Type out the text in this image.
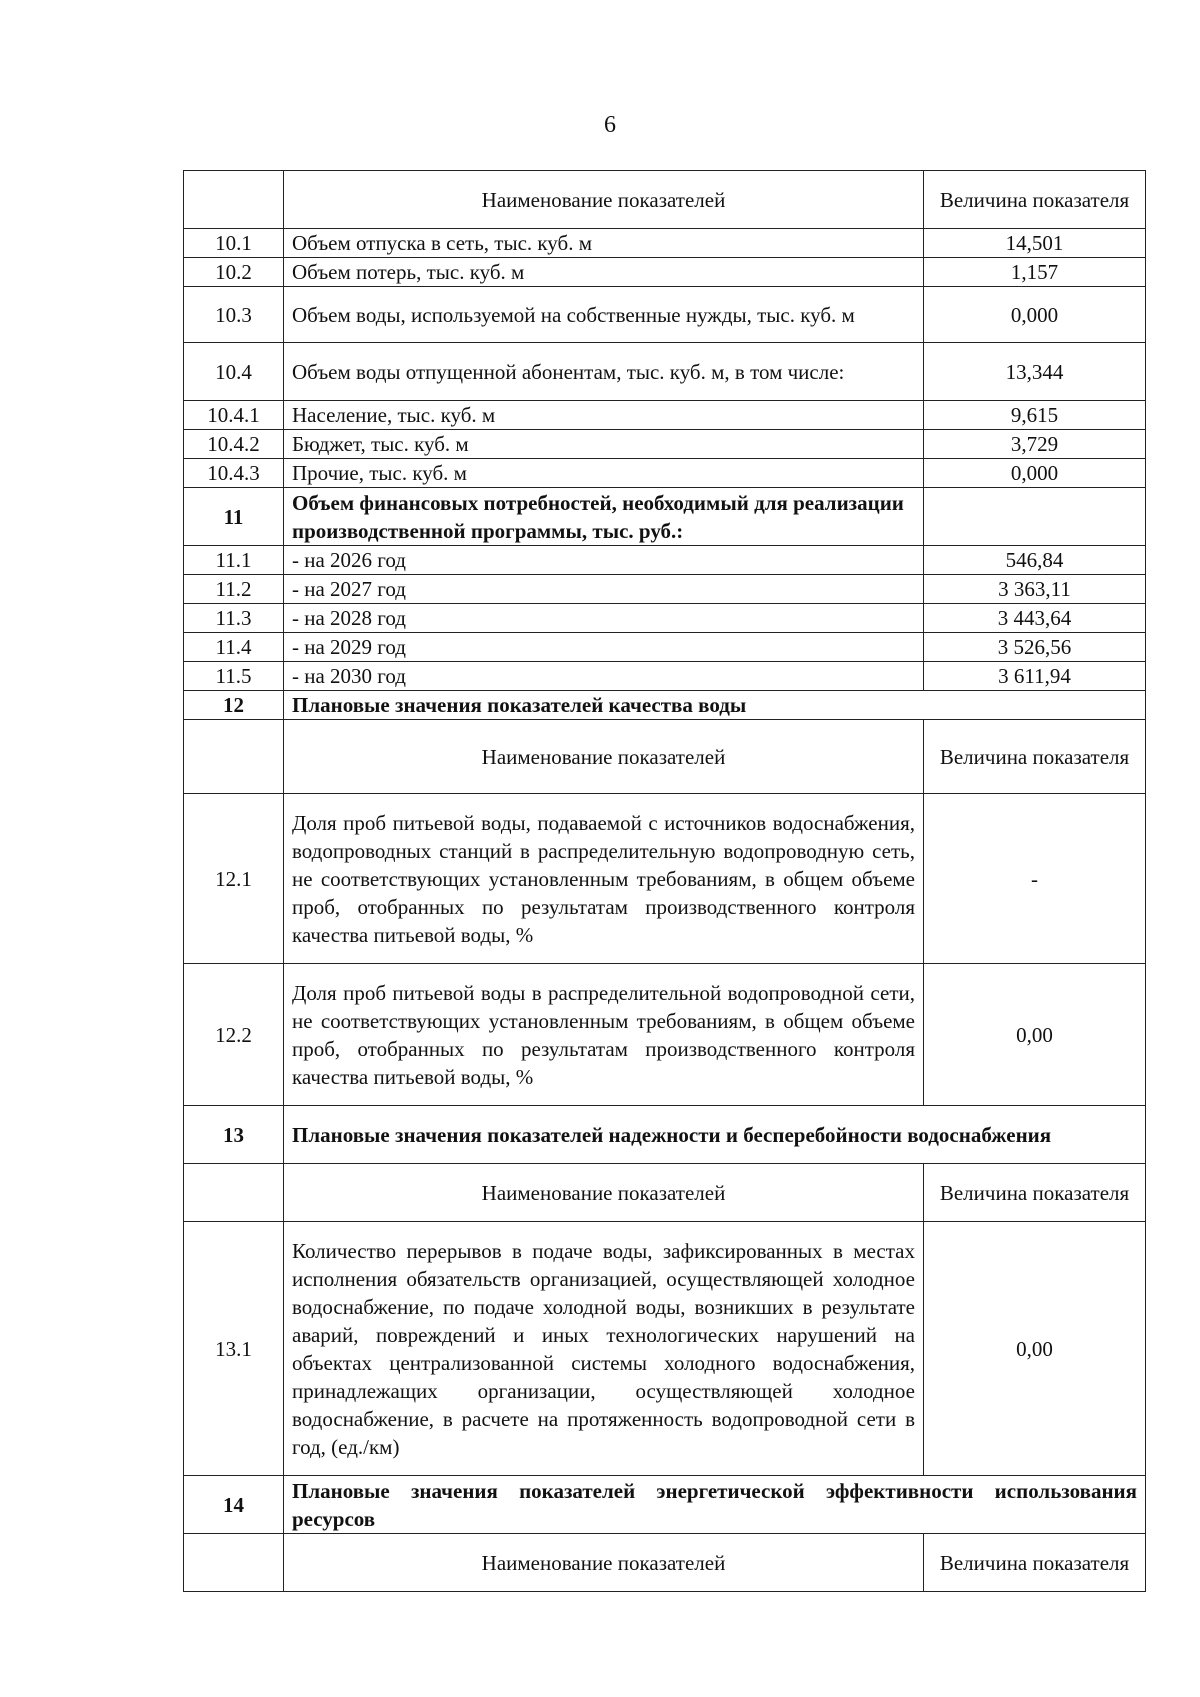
6
	Наименование показателей	Величина показателя
10.1	Объем отпуска в сеть, тыс. куб. м	14,501
10.2	Объем потерь, тыс. куб. м	1,157
10.3	Объем воды, используемой на собственные нужды, тыс. куб. м	0,000
10.4	Объем воды отпущенной абонентам, тыс. куб. м, в том числе:	13,344
10.4.1	Население, тыс. куб. м	9,615
10.4.2	Бюджет, тыс. куб. м	3,729
10.4.3	Прочие, тыс. куб. м	0,000
11	Объем финансовых потребностей, необходимый для реализации производственной программы, тыс. руб.:	
11.1	- на 2026 год	546,84
11.2	- на 2027 год	3 363,11
11.3	- на 2028 год	3 443,64
11.4	- на 2029 год	3 526,56
11.5	- на 2030 год	3 611,94
12	Плановые значения показателей качества воды	
	Наименование показателей	Величина показателя
12.1	Доля проб питьевой воды, подаваемой с источников водоснабжения, водопроводных станций в распределительную водопроводную сеть, не соответствующих установленным требованиям, в общем объеме проб, отобранных по результатам производственного контроля качества питьевой воды, %	-
12.2	Доля проб питьевой воды в распределительной водопроводной сети, не соответствующих установленным требованиям, в общем объеме проб, отобранных по результатам производственного контроля качества питьевой воды, %	0,00
13	Плановые значения показателей надежности и бесперебойности водоснабжения	
	Наименование показателей	Величина показателя
13.1	Количество перерывов в подаче воды, зафиксированных в местах исполнения обязательств организацией, осуществляющей холодное водоснабжение, по подаче холодной воды, возникших в результате аварий, повреждений и иных технологических нарушений на объектах централизованной системы холодного водоснабжения, принадлежащих организации, осуществляющей холодное водоснабжение, в расчете на протяженность водопроводной сети в год, (ед./км)	0,00
14	Плановые значения показателей энергетической эффективности использования ресурсов	
	Наименование показателей	Величина показателя
